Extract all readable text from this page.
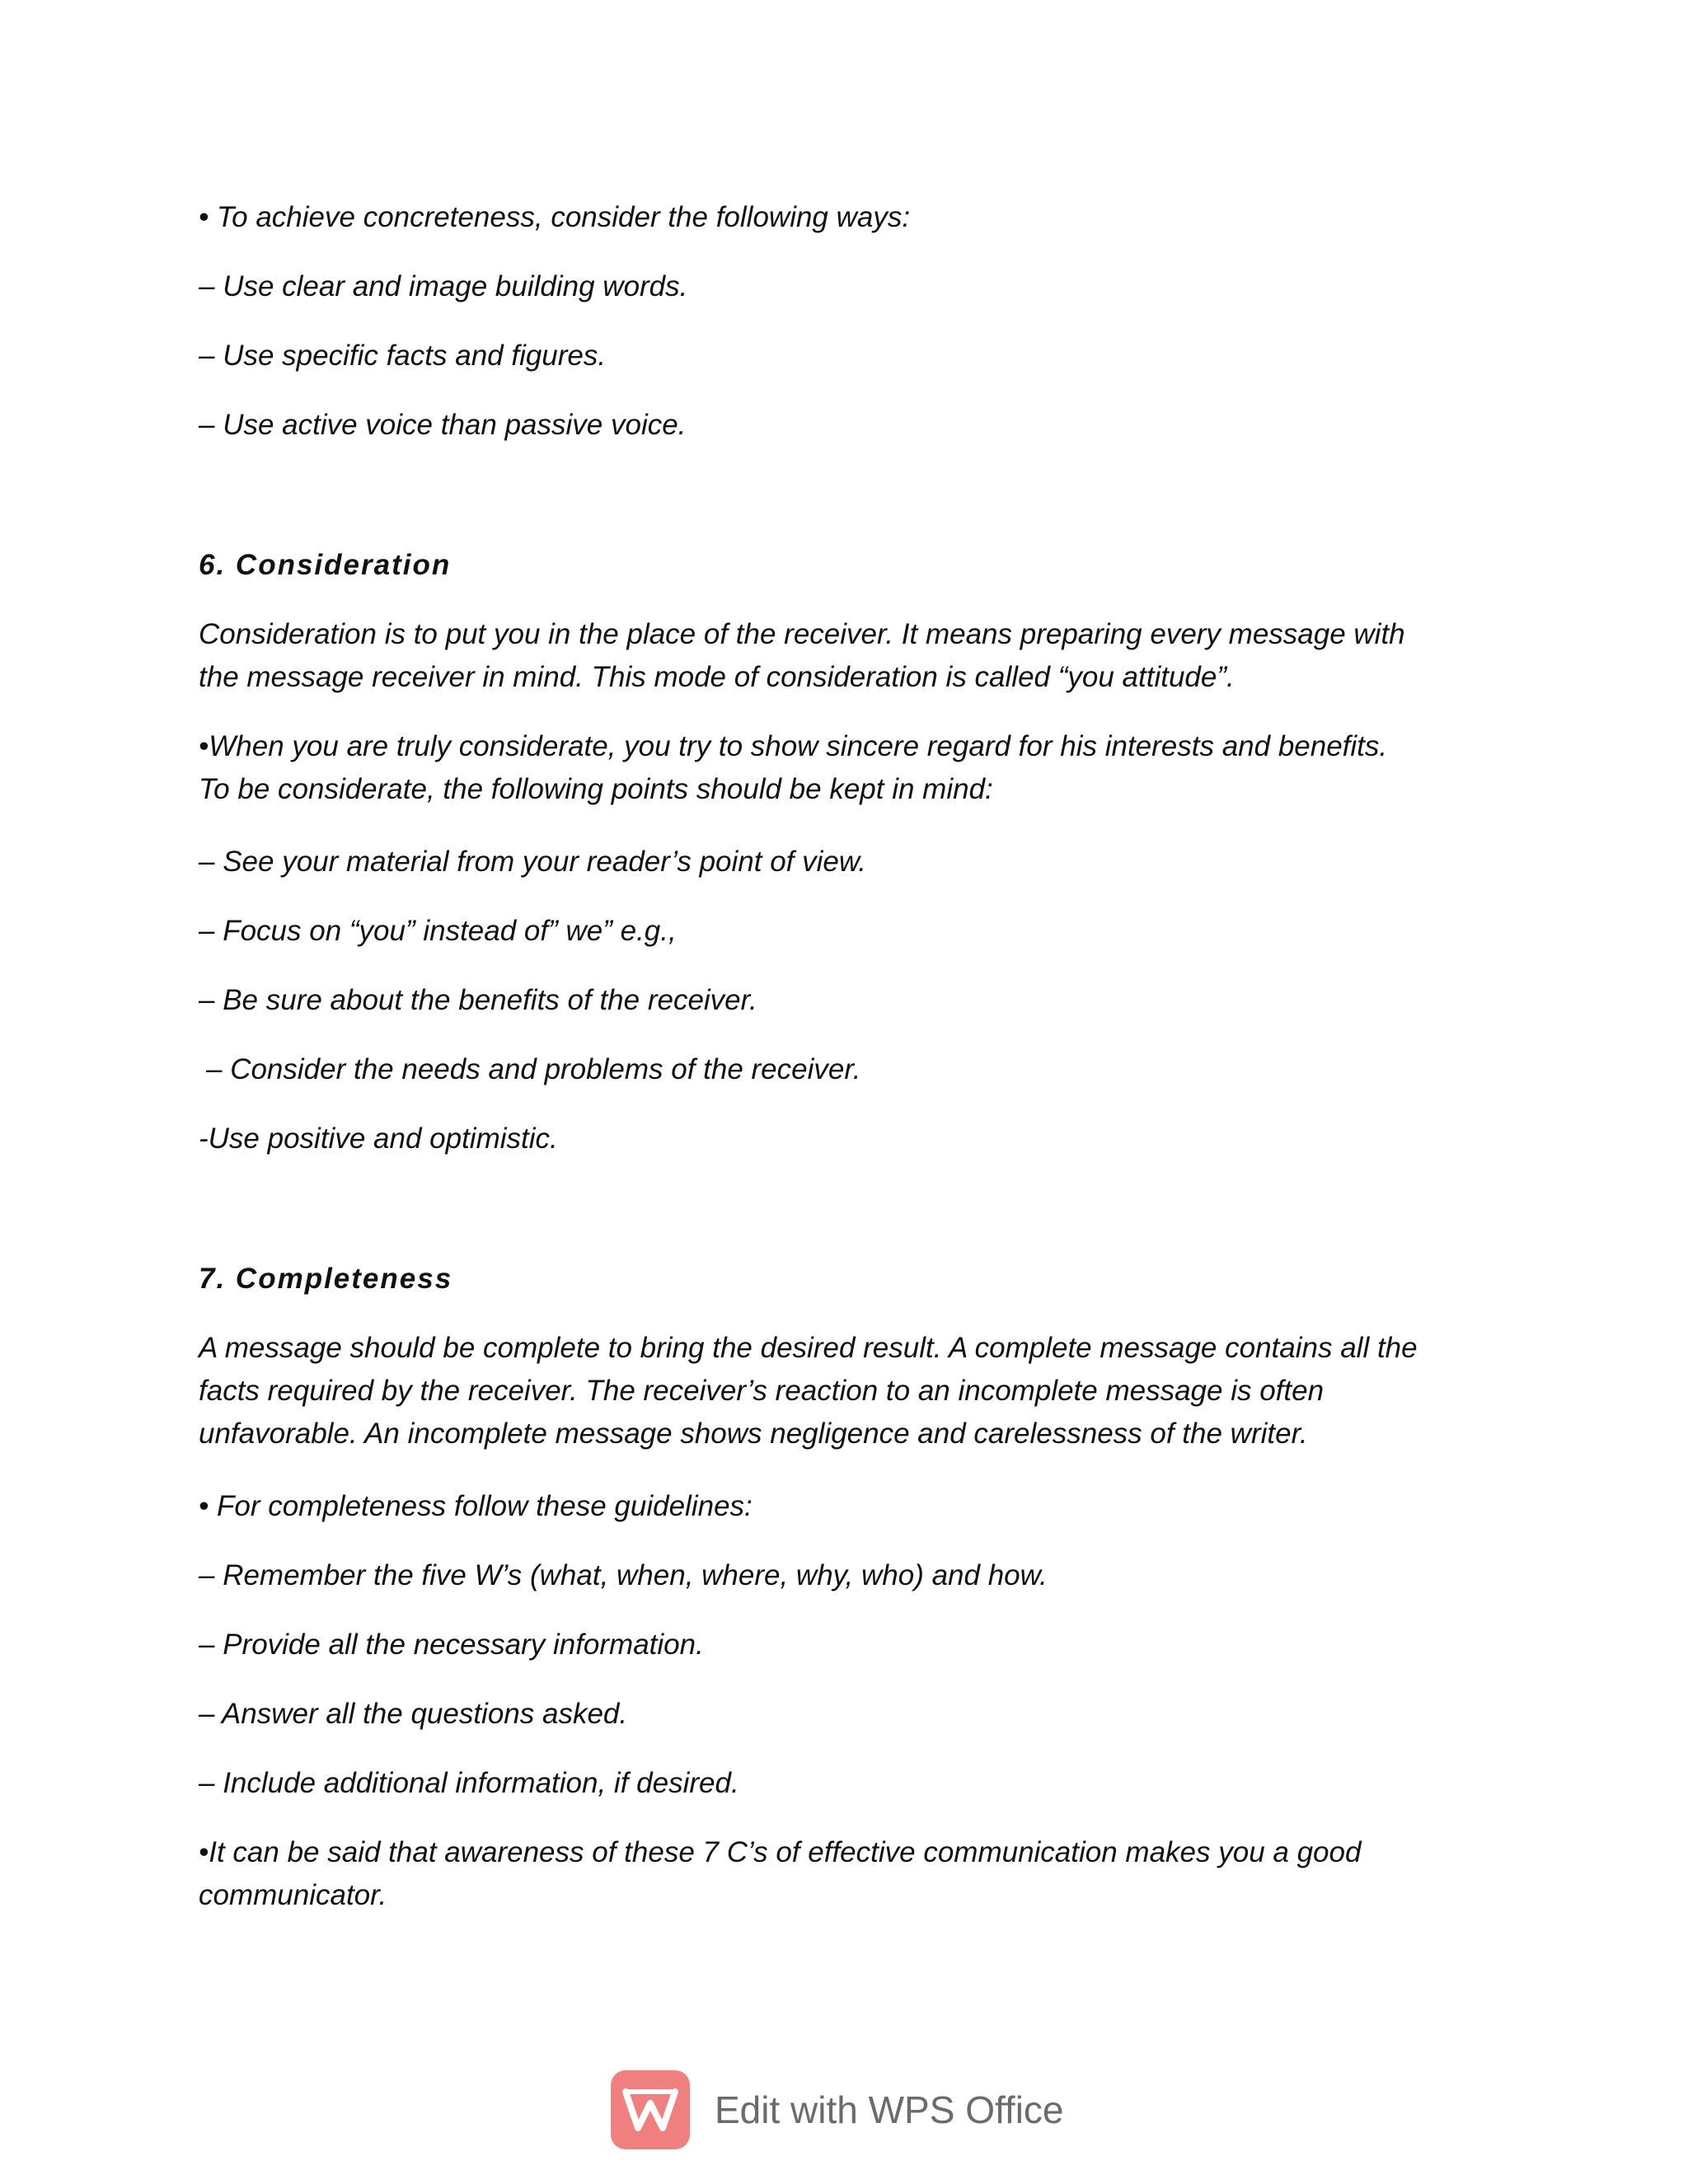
• To achieve concreteness, consider the following ways:

– Use clear and image building words.

– Use specific facts and figures.

– Use active voice than passive voice.

6. Consideration

Consideration is to put you in the place of the receiver. It means preparing every message with

the message receiver in mind. This mode of consideration is called “you attitude”.

•When you are truly considerate, you try to show sincere regard for his interests and benefits.

To be considerate, the following points should be kept in mind:

– See your material from your reader’s point of view.

– Focus on “you” instead of” we” e.g.,

– Be sure about the benefits of the receiver.

– Consider the needs and problems of the receiver.

-Use positive and optimistic.

7. Completeness

A message should be complete to bring the desired result. A complete message contains all the

facts required by the receiver. The receiver’s reaction to an incomplete message is often

unfavorable. An incomplete message shows negligence and carelessness of the writer.

• For completeness follow these guidelines:

– Remember the five W’s (what, when, where, why, who) and how.

– Provide all the necessary information.

– Answer all the questions asked.

– Include additional information, if desired.

•It can be said that awareness of these 7 C’s of effective communication makes you a good

communicator.

Edit with WPS Office
